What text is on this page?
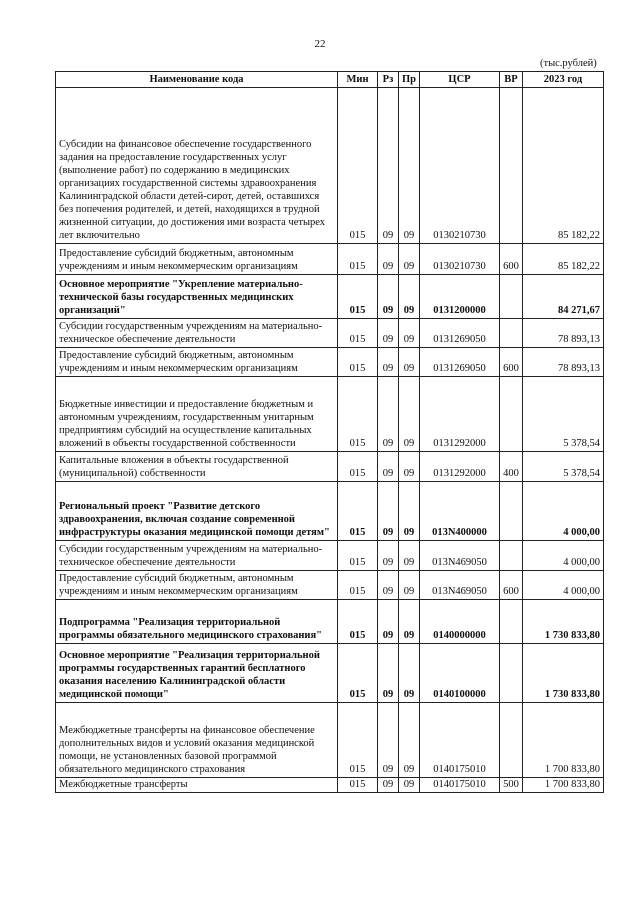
22
(тыс.рублей)
Наименование кода	Мин	Рз	Пр	ЦСР	ВР	2023 год
Субсидии на финансовое обеспечение государственного задания на предоставление государственных услуг (выполнение работ) по содержанию в медицинских организациях государственной системы здравоохранения Калининградской области детей-сирот, детей, оставшихся без попечения родителей, и детей, находящихся в трудной жизненной ситуации, до достижения ими возраста четырех лет включительно	015	09	09	0130210730		85 182,22
Предоставление субсидий бюджетным, автономным учреждениям и иным некоммерческим организациям	015	09	09	0130210730	600	85 182,22
Основное мероприятие "Укрепление материально-технической базы государственных медицинских организаций"	015	09	09	0131200000		84 271,67
Субсидии государственным учреждениям на материально-техническое обеспечение деятельности	015	09	09	0131269050		78 893,13
Предоставление субсидий бюджетным, автономным учреждениям и иным некоммерческим организациям	015	09	09	0131269050	600	78 893,13
Бюджетные инвестиции и предоставление бюджетным и автономным учреждениям, государственным унитарным предприятиям субсидий на осуществление капитальных вложений в объекты государственной собственности	015	09	09	0131292000		5 378,54
Капитальные вложения в объекты государственной (муниципальной) собственности	015	09	09	0131292000	400	5 378,54
Региональный проект "Развитие детского здравоохранения, включая создание современной инфраструктуры оказания медицинской помощи детям"	015	09	09	013N400000		4 000,00
Субсидии государственным учреждениям на материально-техническое обеспечение деятельности	015	09	09	013N469050		4 000,00
Предоставление субсидий бюджетным, автономным учреждениям и иным некоммерческим организациям	015	09	09	013N469050	600	4 000,00
Подпрограмма "Реализация территориальной программы обязательного медицинского страхования"	015	09	09	0140000000		1 730 833,80
Основное мероприятие "Реализация территориальной программы государственных гарантий бесплатного оказания населению Калининградской области медицинской помощи"	015	09	09	0140100000		1 730 833,80
Межбюджетные трансферты на финансовое обеспечение дополнительных видов и условий оказания медицинской помощи, не установленных базовой программой обязательного медицинского страхования	015	09	09	0140175010		1 700 833,80
Межбюджетные трансферты	015	09	09	0140175010	500	1 700 833,80
